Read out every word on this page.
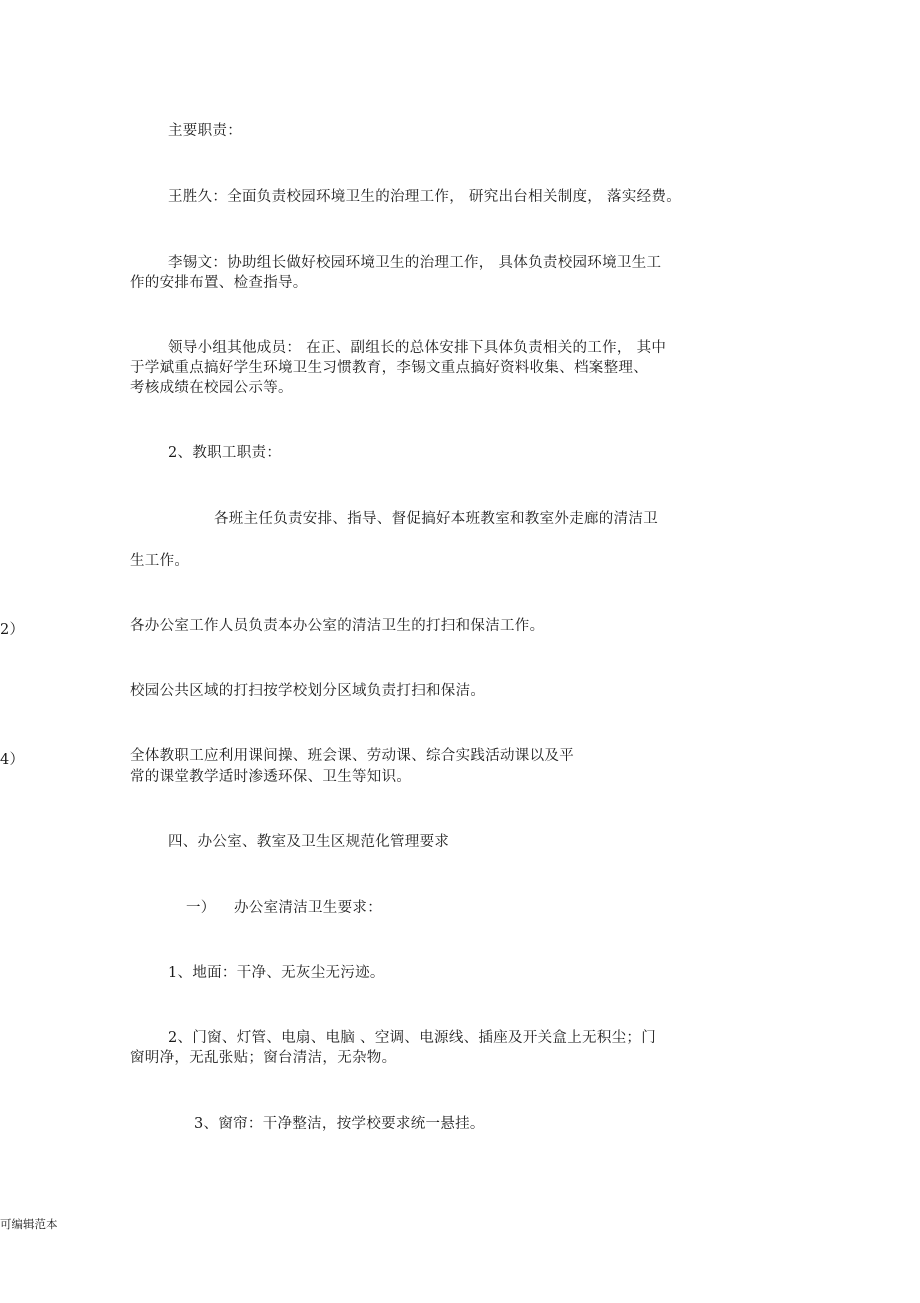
主要职责：
王胜久：全面负责校园环境卫生的治理工作， 研究出台相关制度， 落实经费。
李锡文：协助组长做好校园环境卫生的治理工作， 具体负责校园环境卫生工
作的安排布置、检查指导。
领导小组其他成员： 在正、副组长的总体安排下具体负责相关的工作， 其中
于学斌重点搞好学生环境卫生习惯教育，李锡文重点搞好资料收集、档案整理、
考核成绩在校园公示等。
2、教职工职责：
各班主任负责安排、指导、督促搞好本班教室和教室外走廊的清洁卫
生工作。
2）	各办公室工作人员负责本办公室的清洁卫生的打扫和保洁工作。
校园公共区域的打扫按学校划分区域负责打扫和保洁。
4）	全体教职工应利用课间操、班会课、劳动课、综合实践活动课以及平
常的课堂教学适时渗透环保、卫生等知识。
四、办公室、教室及卫生区规范化管理要求
一） 办公室清洁卫生要求：
1、地面：干净、无灰尘无污迹。
2、门窗、灯管、电扇、电脑 、空调、电源线、插座及开关盒上无积尘；门
窗明净，无乱张贴；窗台清洁，无杂物。
3、窗帘：干净整洁，按学校要求统一悬挂。
可编辑范本
